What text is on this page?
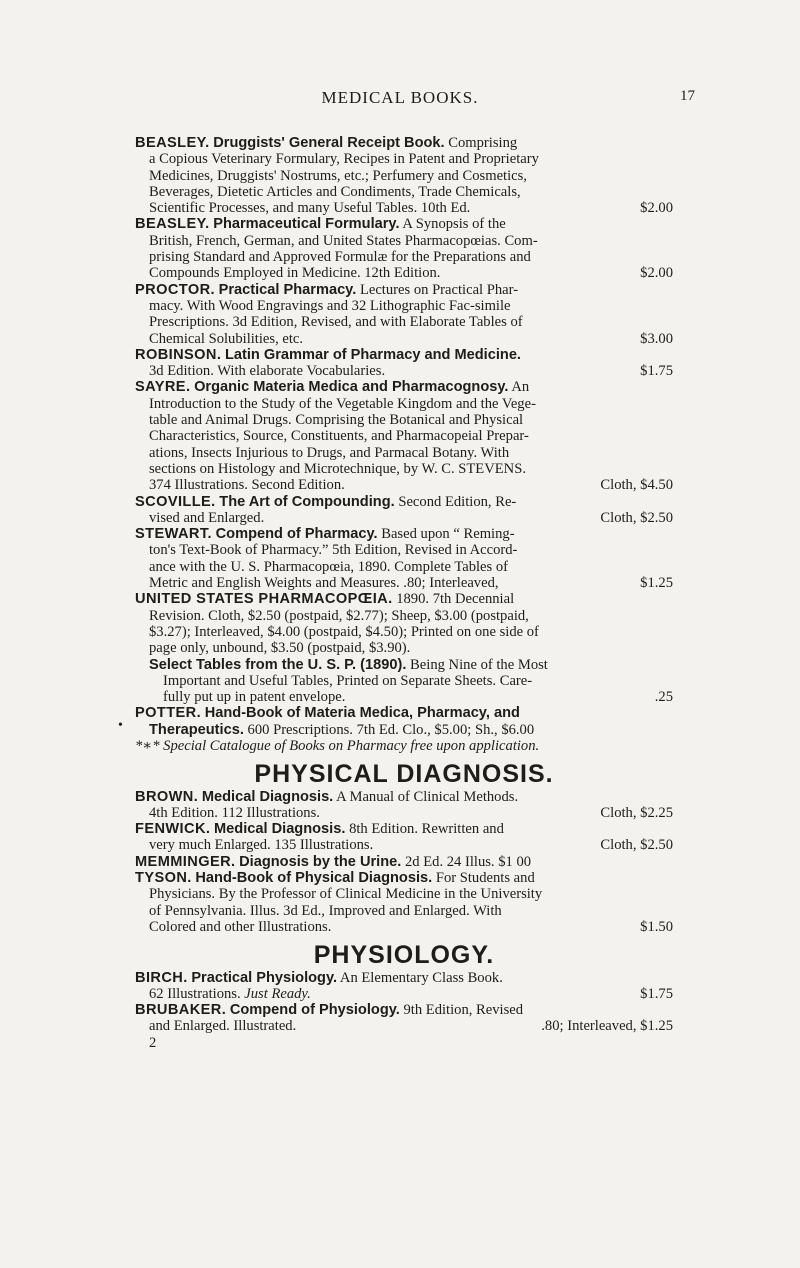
MEDICAL BOOKS.	17
•
BEASLEY. Druggists' General Receipt Book. Comprising
a Copious Veterinary Formulary, Recipes in Patent and Proprietary
Medicines, Druggists' Nostrums, etc.; Perfumery and Cosmetics,
Beverages, Dietetic Articles and Condiments, Trade Chemicals,
Scientific Processes, and many Useful Tables. 10th Ed.	$2.00
BEASLEY. Pharmaceutical Formulary. A Synopsis of the
British, French, German, and United States Pharmacopœias. Com-
prising Standard and Approved Formulæ for the Preparations and
Compounds Employed in Medicine. 12th Edition.	$2.00
PROCTOR. Practical Pharmacy. Lectures on Practical Phar-
macy. With Wood Engravings and 32 Lithographic Fac-simile
Prescriptions. 3d Edition, Revised, and with Elaborate Tables of
Chemical Solubilities, etc.	$3.00
ROBINSON. Latin Grammar of Pharmacy and Medicine.
3d Edition. With elaborate Vocabularies.	$1.75
SAYRE. Organic Materia Medica and Pharmacognosy. An
Introduction to the Study of the Vegetable Kingdom and the Vege-
table and Animal Drugs. Comprising the Botanical and Physical
Characteristics, Source, Constituents, and Pharmacopeial Prepar-
ations, Insects Injurious to Drugs, and Parmacal Botany. With
sections on Histology and Microtechnique, by W. C. STEVENS.
374 Illustrations. Second Edition.	Cloth, $4.50
SCOVILLE. The Art of Compounding. Second Edition, Re-
vised and Enlarged.	Cloth, $2.50
STEWART. Compend of Pharmacy. Based upon “ Reming-
ton's Text-Book of Pharmacy.” 5th Edition, Revised in Accord-
ance with the U. S. Pharmacopœia, 1890. Complete Tables of
Metric and English Weights and Measures. .80; Interleaved,	$1.25
UNITED STATES PHARMACOPŒIA. 1890. 7th Decennial
Revision. Cloth, $2.50 (postpaid, $2.77); Sheep, $3.00 (postpaid,
$3.27); Interleaved, $4.00 (postpaid, $4.50); Printed on one side of
page only, unbound, $3.50 (postpaid, $3.90).
Select Tables from the U. S. P. (1890). Being Nine of the Most
Important and Useful Tables, Printed on Separate Sheets. Care-
fully put up in patent envelope.	.25
POTTER. Hand-Book of Materia Medica, Pharmacy, and
Therapeutics. 600 Prescriptions. 7th Ed. Clo., $5.00; Sh., $6.00
*∗* Special Catalogue of Books on Pharmacy free upon application.
PHYSICAL DIAGNOSIS.
BROWN. Medical Diagnosis. A Manual of Clinical Methods.
4th Edition. 112 Illustrations.	Cloth, $2.25
FENWICK. Medical Diagnosis. 8th Edition. Rewritten and
very much Enlarged. 135 Illustrations.	Cloth, $2.50
MEMMINGER. Diagnosis by the Urine. 2d Ed. 24 Illus. $1 00
TYSON. Hand-Book of Physical Diagnosis. For Students and
Physicians. By the Professor of Clinical Medicine in the University
of Pennsylvania. Illus. 3d Ed., Improved and Enlarged. With
Colored and other Illustrations.	$1.50
PHYSIOLOGY.
BIRCH. Practical Physiology. An Elementary Class Book.
62 Illustrations. Just Ready.	$1.75
BRUBAKER. Compend of Physiology. 9th Edition, Revised
and Enlarged. Illustrated.	.80; Interleaved, $1.25
2
